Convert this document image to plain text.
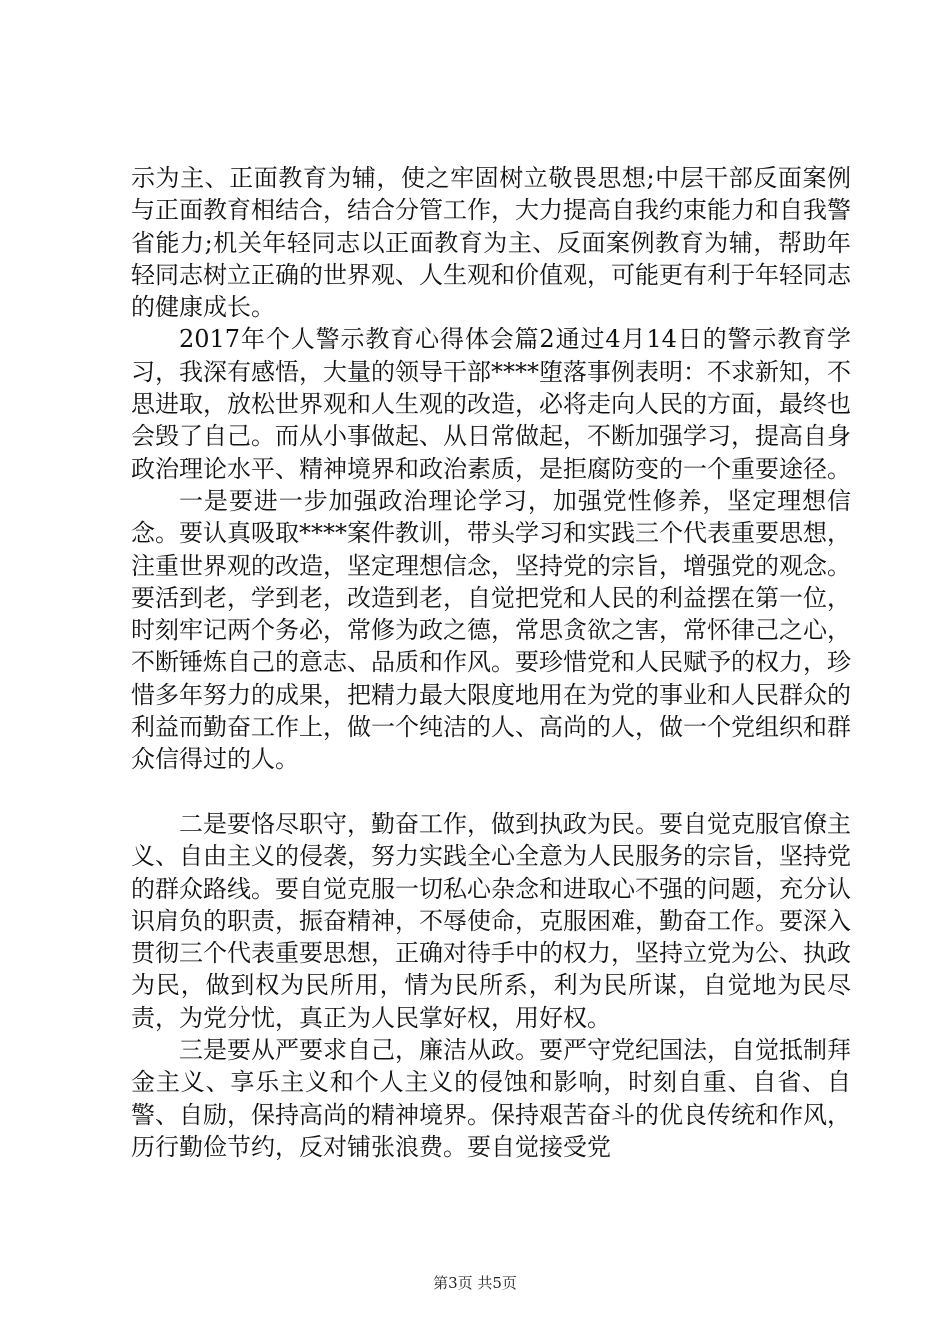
示为主、正面教育为辅，使之牢固树立敬畏思想;中层干部反面案例与正面教育相结合，结合分管工作，大力提高自我约束能力和自我警省能力;机关年轻同志以正面教育为主、反面案例教育为辅，帮助年轻同志树立正确的世界观、人生观和价值观，可能更有利于年轻同志的健康成长。

2017年个人警示教育心得体会篇2通过4月14日的警示教育学习，我深有感悟，大量的领导干部****堕落事例表明：不求新知，不思进取，放松世界观和人生观的改造，必将走向人民的方面，最终也会毁了自己。而从小事做起、从日常做起，不断加强学习，提高自身政治理论水平、精神境界和政治素质，是拒腐防变的一个重要途径。

一是要进一步加强政治理论学习，加强党性修养，坚定理想信念。要认真吸取****案件教训，带头学习和实践三个代表重要思想，注重世界观的改造，坚定理想信念，坚持党的宗旨，增强党的观念。要活到老，学到老，改造到老，自觉把党和人民的利益摆在第一位，时刻牢记两个务必，常修为政之德，常思贪欲之害，常怀律己之心，不断锤炼自己的意志、品质和作风。要珍惜党和人民赋予的权力，珍惜多年努力的成果，把精力最大限度地用在为党的事业和人民群众的利益而勤奋工作上，做一个纯洁的人、高尚的人，做一个党组织和群众信得过的人。

二是要恪尽职守，勤奋工作，做到执政为民。要自觉克服官僚主义、自由主义的侵袭，努力实践全心全意为人民服务的宗旨，坚持党的群众路线。要自觉克服一切私心杂念和进取心不强的问题，充分认识肩负的职责，振奋精神，不辱使命，克服困难，勤奋工作。要深入贯彻三个代表重要思想，正确对待手中的权力，坚持立党为公、执政为民，做到权为民所用，情为民所系，利为民所谋，自觉地为民尽责，为党分忧，真正为人民掌好权，用好权。

三是要从严要求自己，廉洁从政。要严守党纪国法，自觉抵制拜金主义、享乐主义和个人主义的侵蚀和影响，时刻自重、自省、自警、自励，保持高尚的精神境界。保持艰苦奋斗的优良传统和作风，历行勤俭节约，反对铺张浪费。要自觉接受党

第3页 共5页
